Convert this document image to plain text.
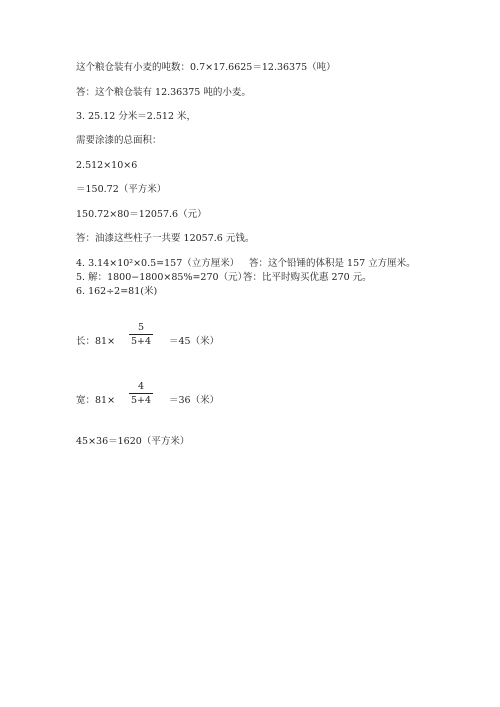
这个粮仓装有小麦的吨数：0.7×17.6625＝12.36375（吨）
答：这个粮仓装有 12.36375 吨的小麦。
3. 25.12 分米＝2.512 米，
需要涂漆的总面积：
2.512×10×6
＝150.72（平方米）
150.72×80＝12057.6（元）
答：油漆这些柱子一共要 12057.6 元钱。
4. 3.14×10²×0.5=157（立方厘米） 答：这个铅锤的体积是 157 立方厘米。
5. 解：1800−1800×85%=270（元）
答：比平时购买优惠 270 元。
6. 162÷2=81(米)
长：81×
5
5+4 ＝45（米）
宽：81×
4
5+4 ＝36（米）
45×36＝1620（平方米）
